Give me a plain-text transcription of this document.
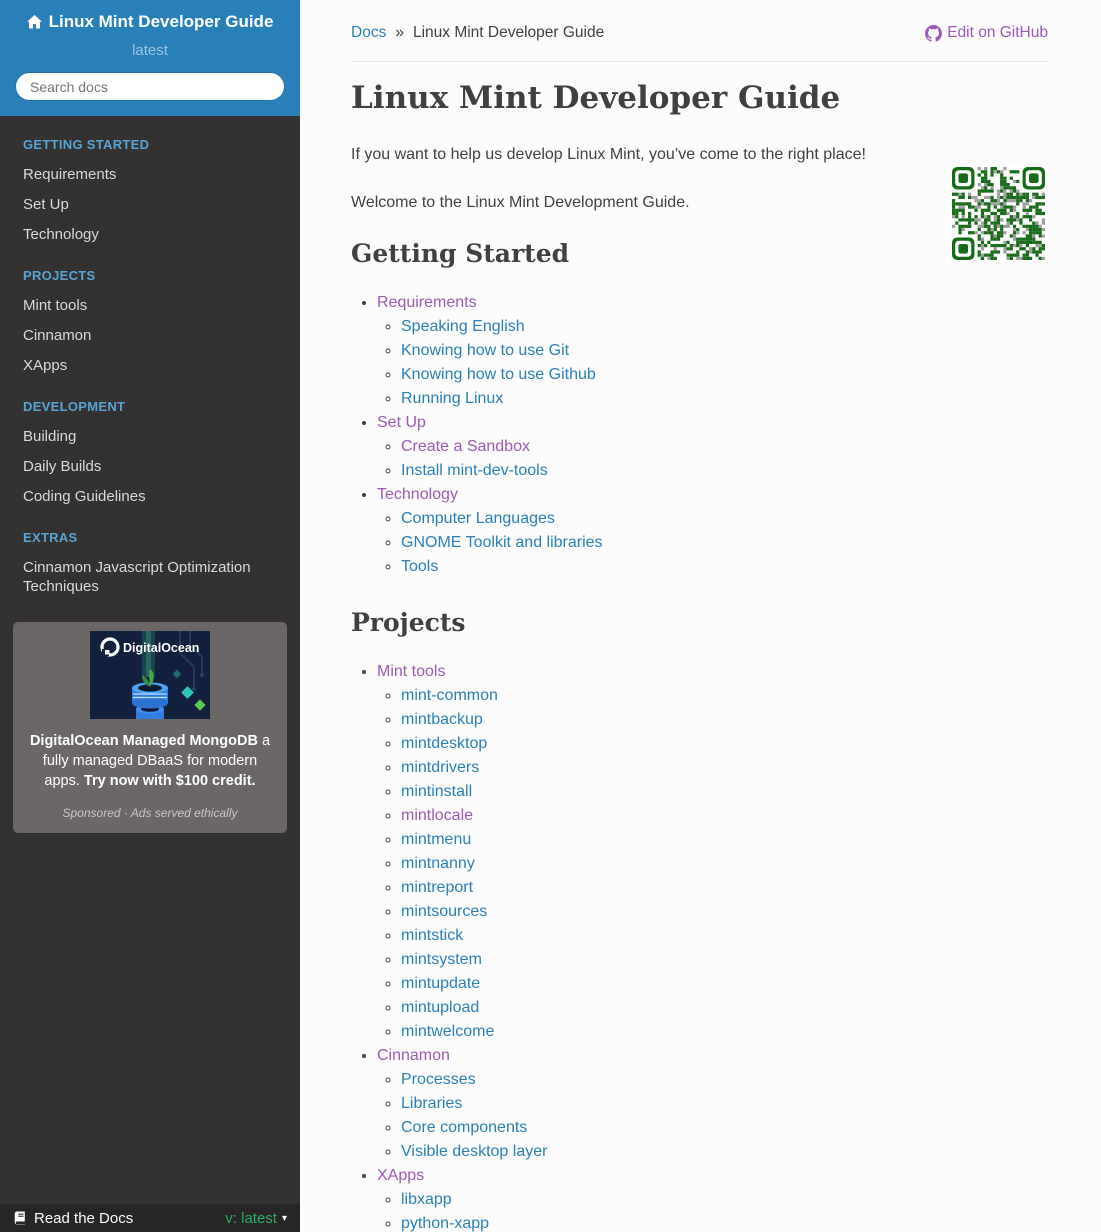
Linux Mint Developer Guide
latest
Search docs
GETTING STARTED
Requirements
Set Up
Technology
PROJECTS
Mint tools
Cinnamon
XApps
DEVELOPMENT
Building
Daily Builds
Coding Guidelines
EXTRAS
Cinnamon Javascript Optimization Techniques
DigitalOcean
DigitalOcean Managed MongoDB a fully managed DBaaS for modern apps. Try now with $100 credit.
Sponsored · Ads served ethically
Read the Docs	v: latest ▾
Docs » Linux Mint Developer Guide	Edit on GitHub
Linux Mint Developer Guide

If you want to help us develop Linux Mint, you’ve come to the right place!

Welcome to the Linux Mint Development Guide.

Getting Started
• Requirements
◦ Speaking English
◦ Knowing how to use Git
◦ Knowing how to use Github
◦ Running Linux
• Set Up
◦ Create a Sandbox
◦ Install mint-dev-tools
• Technology
◦ Computer Languages
◦ GNOME Toolkit and libraries
◦ Tools
Projects
• Mint tools
◦ mint-common
◦ mintbackup
◦ mintdesktop
◦ mintdrivers
◦ mintinstall
◦ mintlocale
◦ mintmenu
◦ mintnanny
◦ mintreport
◦ mintsources
◦ mintstick
◦ mintsystem
◦ mintupdate
◦ mintupload
◦ mintwelcome
• Cinnamon
◦ Processes
◦ Libraries
◦ Core components
◦ Visible desktop layer
• XApps
◦ libxapp
◦ python-xapp
